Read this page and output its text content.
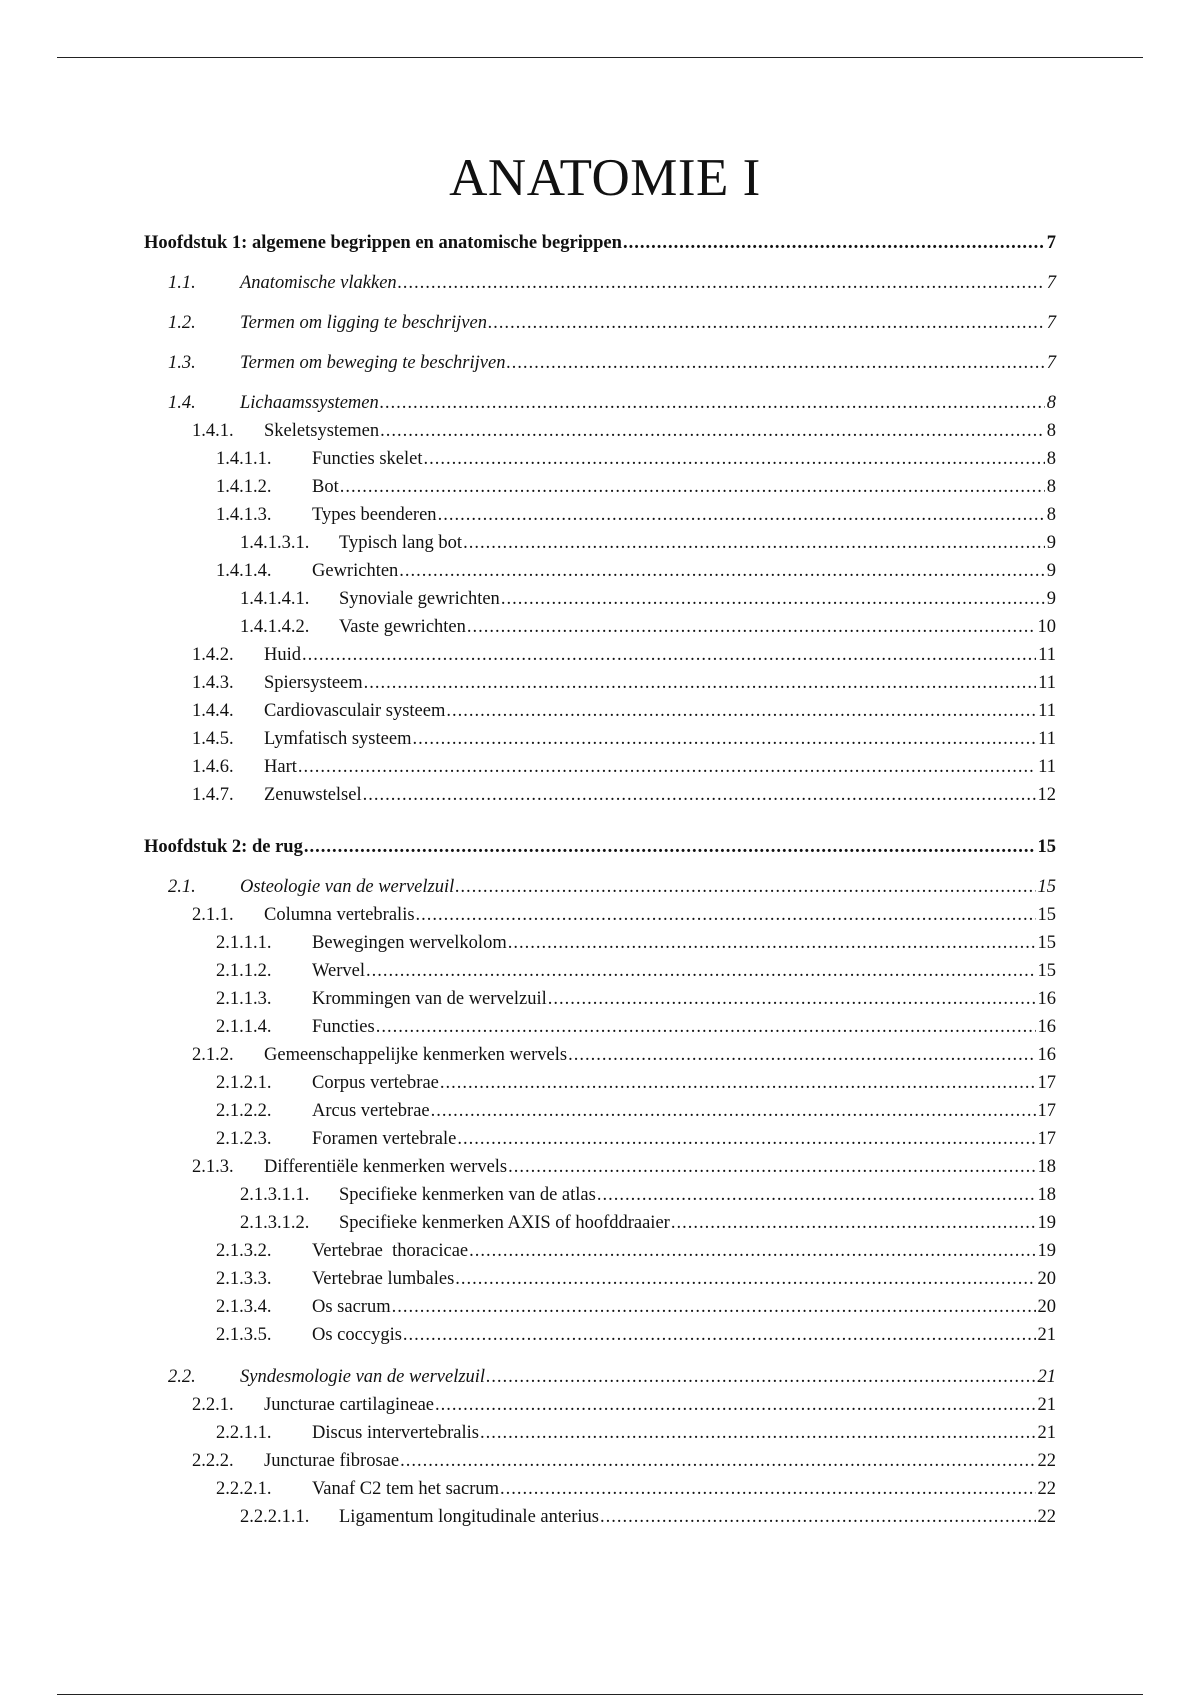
ANATOMIE I
Hoofdstuk 1: algemene begrippen en anatomische begrippen .....	7
1.1.	Anatomische vlakken .....	7
1.2.	Termen om ligging te beschrijven .....	7
1.3.	Termen om beweging te beschrijven .....	7
1.4.	Lichaamssystemen .....	8
1.4.1.	Skeletsystemen .....	8
1.4.1.1.	Functies skelet .....	8
1.4.1.2.	Bot .....	8
1.4.1.3.	Types beenderen .....	8
1.4.1.3.1.	Typisch lang bot .....	9
1.4.1.4.	Gewrichten .....	9
1.4.1.4.1.	Synoviale gewrichten .....	9
1.4.1.4.2.	Vaste gewrichten .....	10
1.4.2.	Huid .....	11
1.4.3.	Spiersysteem .....	11
1.4.4.	Cardiovasculair systeem .....	11
1.4.5.	Lymfatisch systeem .....	11
1.4.6.	Hart .....	11
1.4.7.	Zenuwstelsel .....	12
Hoofdstuk 2: de rug .....	15
2.1.	Osteologie van de wervelzuil .....	15
2.1.1.	Columna vertebralis .....	15
2.1.1.1.	Bewegingen wervelkolom .....	15
2.1.1.2.	Wervel .....	15
2.1.1.3.	Krommingen van de wervelzuil .....	16
2.1.1.4.	Functies .....	16
2.1.2.	Gemeenschappelijke kenmerken wervels .....	16
2.1.2.1.	Corpus vertebrae .....	17
2.1.2.2.	Arcus vertebrae .....	17
2.1.2.3.	Foramen vertebrale .....	17
2.1.3.	Differentiële kenmerken wervels .....	18
2.1.3.1.1.	Specifieke kenmerken van de atlas .....	18
2.1.3.1.2.	Specifieke kenmerken AXIS of hoofddraaier .....	19
2.1.3.2.	Vertebrae  thoracicae .....	19
2.1.3.3.	Vertebrae lumbales .....	20
2.1.3.4.	Os sacrum .....	20
2.1.3.5.	Os coccygis .....	21
2.2.	Syndesmologie van de wervelzuil .....	21
2.2.1.	Juncturae cartilagineae .....	21
2.2.1.1.	Discus intervertebralis .....	21
2.2.2.	Juncturae fibrosae .....	22
2.2.2.1.	Vanaf C2 tem het sacrum .....	22
2.2.2.1.1.	Ligamentum longitudinale anterius .....	22
